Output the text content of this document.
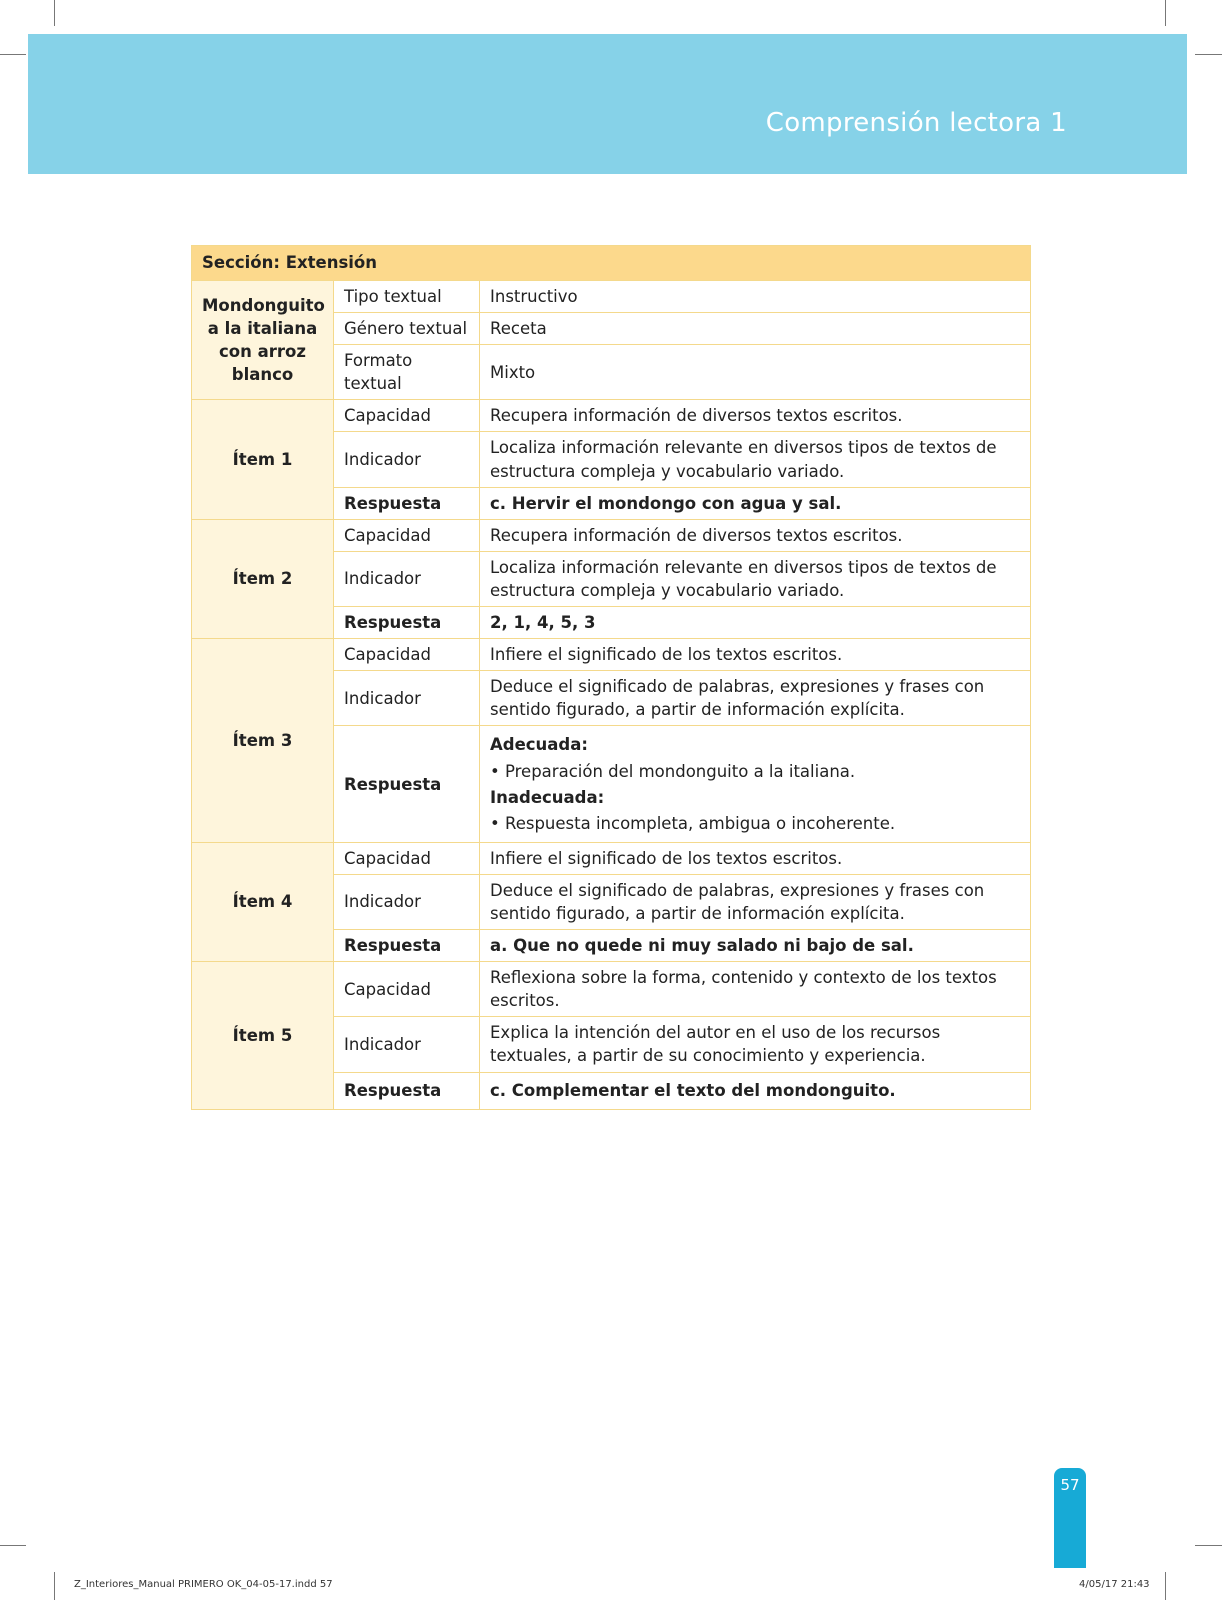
Comprensión lectora 1
Sección: Extensión		
Mondonguito a la italiana con arroz blanco	Tipo textual	Instructivo
	Género textual	Receta
	Formato textual	Mixto
Ítem 1	Capacidad	Recupera información de diversos textos escritos.
	Indicador	Localiza información relevante en diversos tipos de textos de estructura compleja y vocabulario variado.
	Respuesta	c. Hervir el mondongo con agua y sal.
Ítem 2	Capacidad	Recupera información de diversos textos escritos.
	Indicador	Localiza información relevante en diversos tipos de textos de estructura compleja y vocabulario variado.
	Respuesta	2, 1, 4, 5, 3
Ítem 3	Capacidad	Infiere el significado de los textos escritos.
	Indicador	Deduce el significado de palabras, expresiones y frases con sentido figurado, a partir de información explícita.
	Respuesta	Adecuada:
• Preparación del mondonguito a la italiana.
Inadecuada:
• Respuesta incompleta, ambigua o incoherente.

Ítem 4	Capacidad	Infiere el significado de los textos escritos.
	Indicador	Deduce el significado de palabras, expresiones y frases con sentido figurado, a partir de información explícita.
	Respuesta	a. Que no quede ni muy salado ni bajo de sal.
Ítem 5	Capacidad	Reflexiona sobre la forma, contenido y contexto de los textos escritos.
	Indicador	Explica la intención del autor en el uso de los recursos textuales, a partir de su conocimiento y experiencia.
	Respuesta	c. Complementar el texto del mondonguito.
57
Z_Interiores_Manual PRIMERO OK_04-05-17.indd 57	4/05/17 21:43
